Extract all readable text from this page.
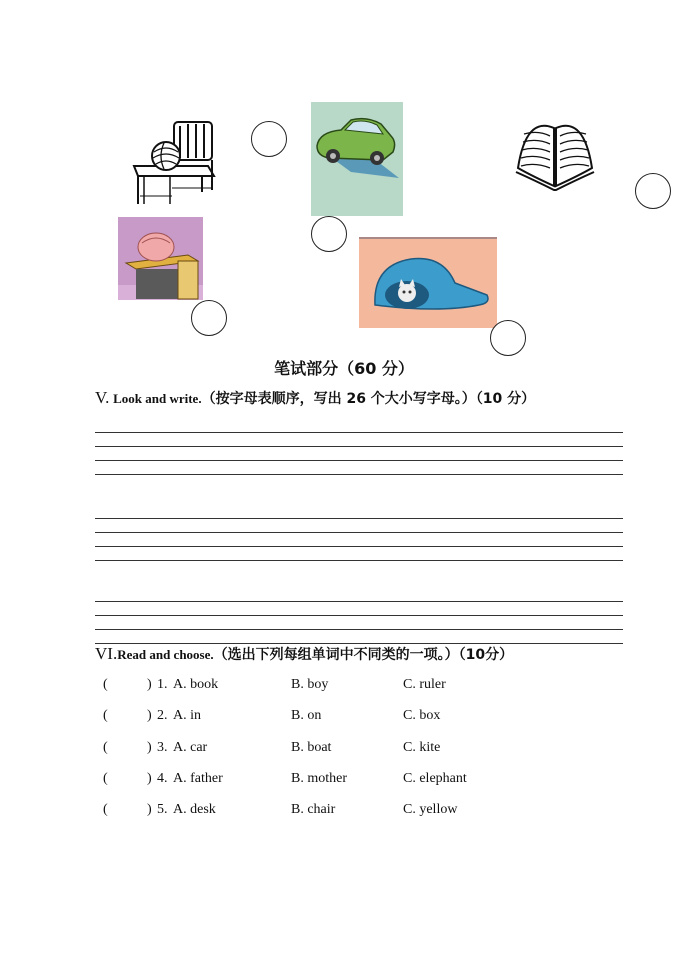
笔试部分（60 分）
V. Look and write.（按字母表顺序，写出 26 个大小写字母。）（10 分）
VI.Read and choose.（选出下列每组单词中不同类的一项。）（10分）
(	) 1. A. book	B. boy	C. ruler
(	) 2. A. in	B. on	C. box
(	) 3. A. car	B. boat	C. kite
(	) 4. A. father	B. mother	C. elephant
(	) 5. A. desk	B. chair	C. yellow
